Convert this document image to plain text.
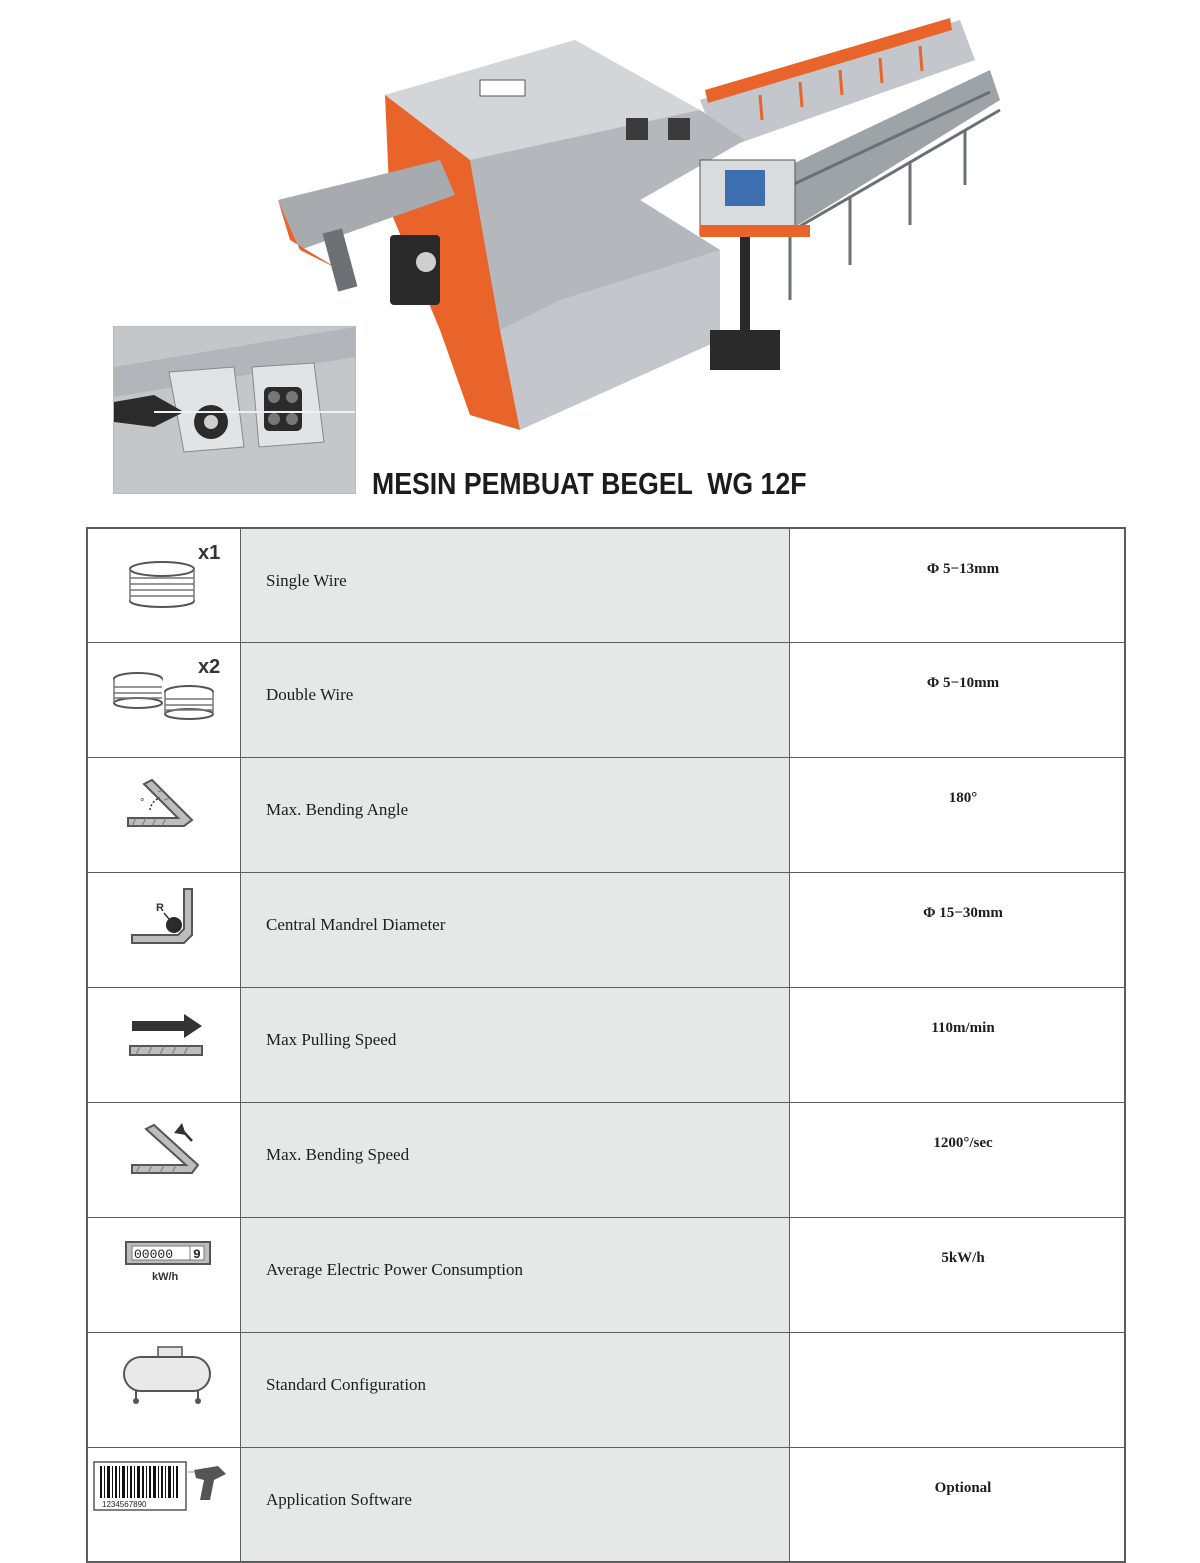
MESIN PEMBUAT BEGEL  WG 12F
x1	Single Wire	Φ 5−13mm

x2	Double Wire	Φ 5−10mm

°	Max. Bending Angle	180°

R	Central Mandrel Diameter	Φ 15−30mm

Max Pulling Speed	110m/min

Max. Bending Speed	1200°/sec

00000 9
kW/h	Average Electric Power Consumption	5kW/h

Standard Configuration	

1234567890	Application Software	Optional
